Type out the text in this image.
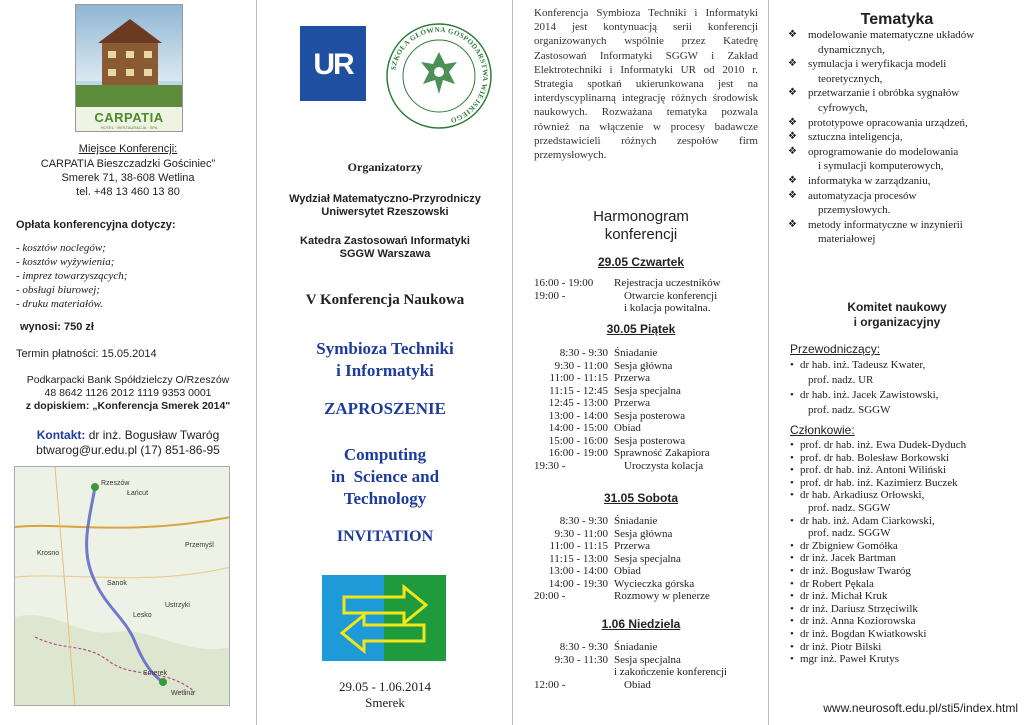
CARPATIA
HOTEL · RESTAURACJA · SPA
Miejsce Konferencji:
CARPATIA Bieszczadzki Gościniec”
Smerek 71, 38-608 Wetlina
tel. +48 13 460 13 80
Opłata konferencyjna dotyczy:
- kosztów noclegów;
- kosztów wyżywienia;
- imprez towarzyszących;
- obsługi biurowej;
- druku materiałów.
wynosi: 750 zł
Termin płatności: 15.05.2014
Podkarpacki Bank Spółdzielczy O/Rzeszów
48 8642 1126 2012 1119 9353 0001
z dopiskiem: „Konferencja Smerek 2014"
Kontakt: dr inż. Bogusław Twaróg
btwarog@ur.edu.pl (17) 851-86-95
Rzeszów
Łańcut
Przemyśl
Krosno
Sanok
Ustrzyki
Lesko
Wetlina
Smerek
UR	SZKOŁA GŁÓWNA GOSPODARSTWA WIEJSKIEGO
Organizatorzy
Wydział Matematyczno-Przyrodniczy
Uniwersytet Rzeszowski
Katedra Zastosowań Informatyki
SGGW Warszawa
V Konferencja Naukowa
Symbioza Techniki
i Informatyki
ZAPROSZENIE
Computing
in  Science and
Technology
INVITATION
29.05 - 1.06.2014
Smerek

Konferencja Symbioza Techniki i Informatyki 2014 jest kontynuacją serii konferencji organizowanych wspólnie przez Katedrę Zastosowań Informatyki SGGW i Zakład Elektrotechniki i Informatyki UR od 2010 r. Strategia spotkań ukierunkowana jest na interdyscyplinarną integrację różnych środowisk naukowych. Rozważana tematyka pozwala również na włączenie w procesy badawcze przedstawicieli różnych zespołów firm przemysłowych.

Harmonogram
konferencji
29.05 Czwartek
16:00 - 19:00	Rejestracja uczestników
19:00 -	Otwarcie konferencji
i kolacja powitalna.
30.05 Piątek
8:30 - 9:30 Śniadanie
9:30 - 11:00 Sesja główna
11:00 - 11:15 Przerwa
11:15 - 12:45 Sesja specjalna
12:45 - 13:00 Przerwa
13:00 - 14:00 Sesja posterowa
14:00 - 15:00 Obiad
15:00 - 16:00 Sesja posterowa
16:00 - 19:00 Sprawność Zakapiora
19:30 -	Uroczysta kolacja
31.05 Sobota
8:30 - 9:30 Śniadanie
9:30 - 11:00 Sesja główna
11:00 - 11:15 Przerwa
11:15 - 13:00 Sesja specjalna
13:00 - 14:00 Obiad
14:00 - 19:30 Wycieczka górska
20:00 -	Rozmowy w plenerze
1.06 Niedziela
8:30 - 9:30 Śniadanie
9:30 - 11:30 Sesja specjalna
i zakończenie konferencji
12:00 -	Obiad
Tematyka
❖ modelowanie matematyczne układów
dynamicznych,
❖ symulacja i weryfikacja modeli
teoretycznych,
❖ przetwarzanie i obróbka sygnałów
cyfrowych,
❖ prototypowe opracowania urządzeń,
❖ sztuczna inteligencja,
❖ oprogramowanie do modelowania
i symulacji komputerowych,
❖ informatyka w zarządzaniu,
❖ automatyzacja procesów
przemysłowych.
❖ metody informatyczne w inzynierii
materiałowej
Komitet naukowy
i organizacyjny
Przewodniczący:
• dr hab. inż. Tadeusz Kwater,
prof. nadz. UR
• dr hab. inż. Jacek Zawistowski,
prof. nadz. SGGW
Członkowie:
• prof. dr hab. inż. Ewa Dudek-Dyduch
• prof. dr hab. Bolesław Borkowski
• prof. dr hab. inż. Antoni Wiliński
• prof. dr hab. inż. Kazimierz Buczek
• dr hab. Arkadiusz Orłowski,
prof. nadz. SGGW
• dr hab. inż. Adam Ciarkowski,
prof. nadz. SGGW
• dr Zbigniew Gomółka
• dr inż. Jacek Bartman
• dr inż. Bogusław Twaróg
• dr Robert Pękala
• dr inż. Michał Kruk
• dr inż. Dariusz Strzęciwilk
• dr inż. Anna Koziorowska
• dr inż. Bogdan Kwiatkowski
• dr inż. Piotr Bilski
• mgr inż. Paweł Krutys
www.neurosoft.edu.pl/sti5/index.html
